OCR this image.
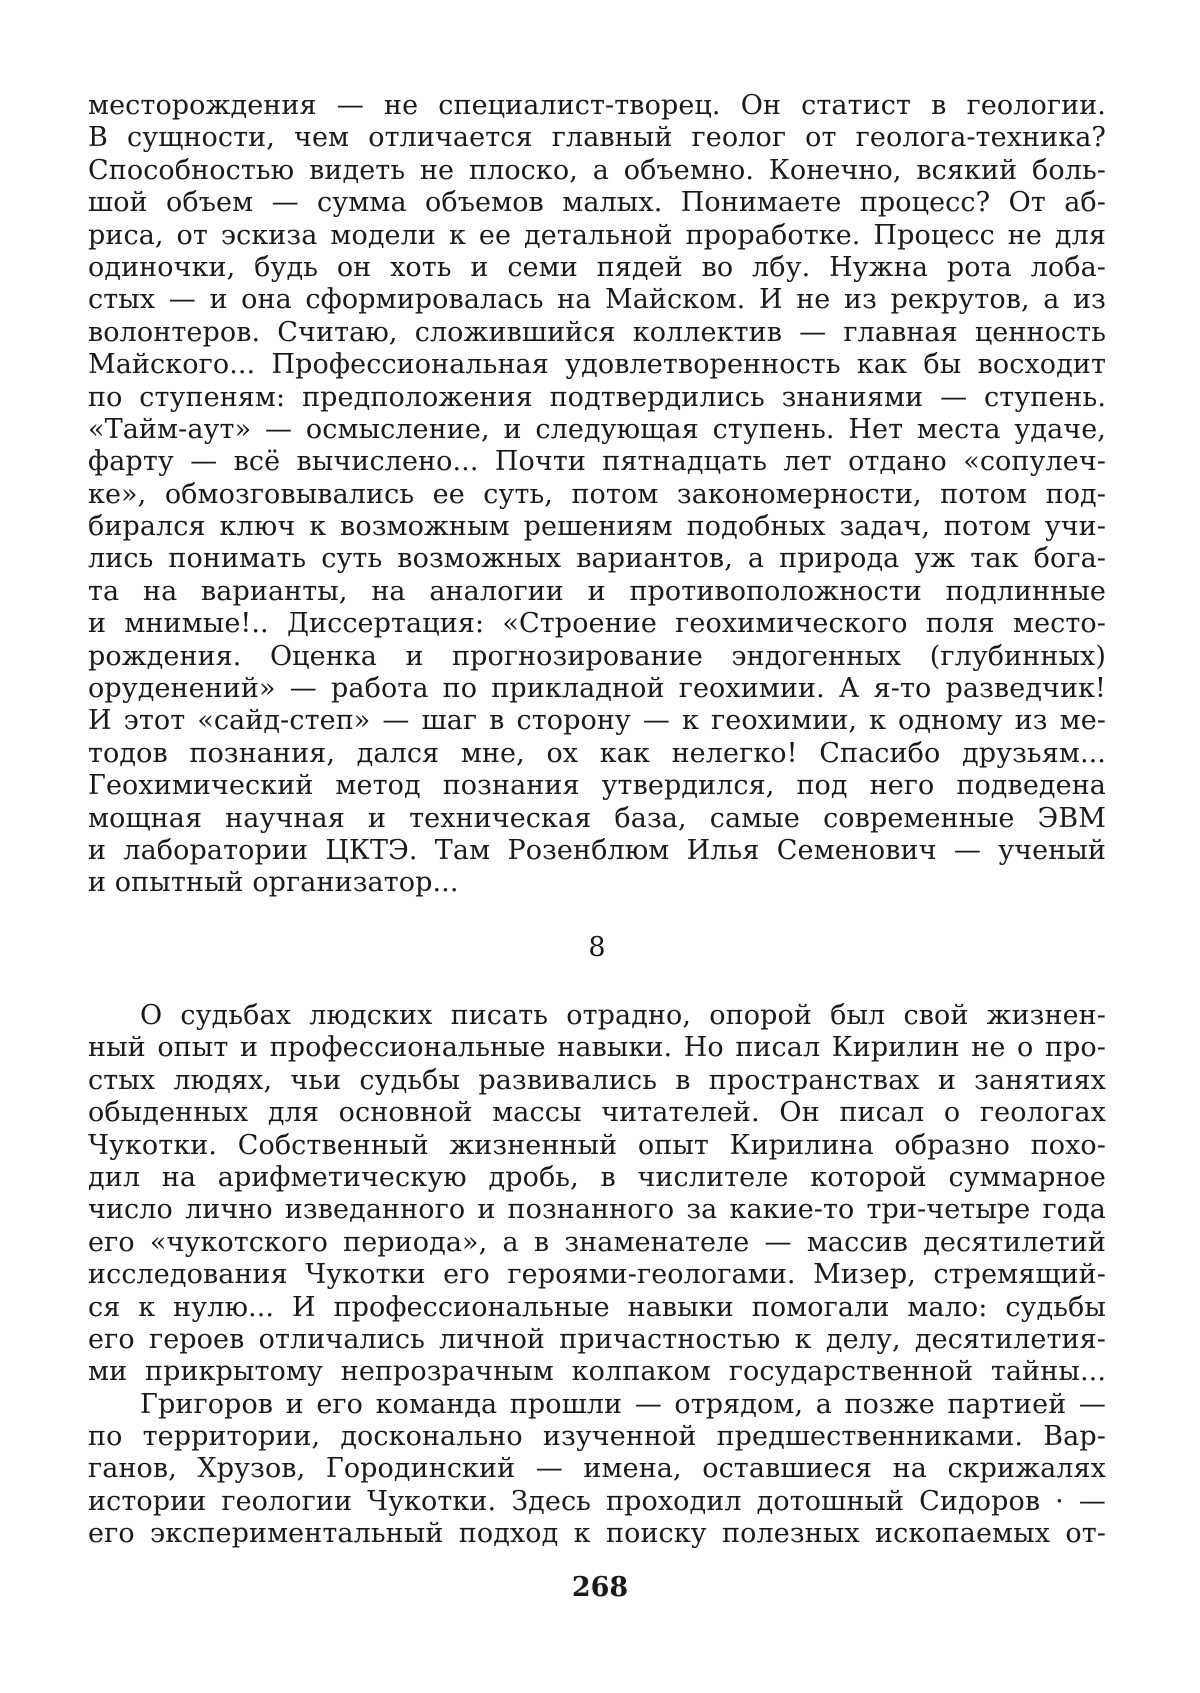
месторождения — не специалист-творец. Он статист в геологии.
В сущности, чем отличается главный геолог от геолога-техника?
Способностью видеть не плоско, а объемно. Конечно, всякий боль-
шой объем — сумма объемов малых. Понимаете процесс? От аб-
риса, от эскиза модели к ее детальной проработке. Процесс не для
одиночки, будь он хоть и семи пядей во лбу. Нужна рота лоба-
стых — и она сформировалась на Майском. И не из рекрутов, а из
волонтеров. Считаю, сложившийся коллектив — главная ценность
Майского... Профессиональная удовлетворенность как бы восходит
по ступеням: предположения подтвердились знаниями — ступень.
«Тайм-аут» — осмысление, и следующая ступень. Нет места удаче,
фарту — всё вычислено... Почти пятнадцать лет отдано «сопулеч-
ке», обмозговывались ее суть, потом закономерности, потом под-
бирался ключ к возможным решениям подобных задач, потом учи-
лись понимать суть возможных вариантов, а природа уж так бога-
та на варианты, на аналогии и противоположности подлинные
и мнимые!.. Диссертация: «Строение геохимического поля место-
рождения. Оценка и прогнозирование эндогенных (глубинных)
оруденений» — работа по прикладной геохимии. А я-то разведчик!
И этот «сайд-степ» — шаг в сторону — к геохимии, к одному из ме-
тодов познания, дался мне, ох как нелегко! Спасибо друзьям...
Геохимический метод познания утвердился, под него подведена
мощная научная и техническая база, самые современные ЭВМ
и лаборатории ЦКТЭ. Там Розенблюм Илья Семенович — ученый
и опытный организатор...
8
О судьбах людских писать отрадно, опорой был свой жизнен-
ный опыт и профессиональные навыки. Но писал Кирилин не о про-
стых людях, чьи судьбы развивались в пространствах и занятиях
обыденных для основной массы читателей. Он писал о геологах
Чукотки. Собственный жизненный опыт Кирилина образно похо-
дил на арифметическую дробь, в числителе которой суммарное
число лично изведанного и познанного за какие-то три-четыре года
его «чукотского периода», а в знаменателе — массив десятилетий
исследования Чукотки его героями-геологами. Мизер, стремящий-
ся к нулю... И профессиональные навыки помогали мало: судьбы
его героев отличались личной причастностью к делу, десятилетия-
ми прикрытому непрозрачным колпаком государственной тайны...
Григоров и его команда прошли — отрядом, а позже партией —
по территории, досконально изученной предшественниками. Вар-
ганов, Хрузов, Городинский — имена, оставшиеся на скрижалях
истории геологии Чукотки. Здесь проходил дотошный Сидоров · —
его экспериментальный подход к поиску полезных ископаемых от-
268
